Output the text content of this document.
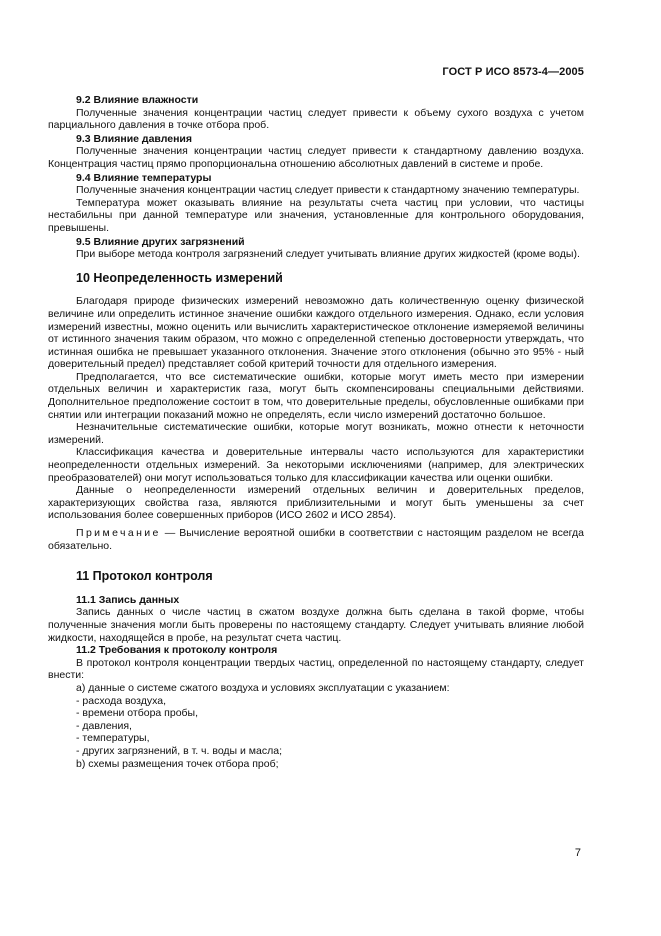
ГОСТ Р ИСО 8573-4—2005
9.2 Влияние влажности
Полученные значения концентрации частиц следует привести к объему сухого воздуха с учетом парциального давления в точке отбора проб.
9.3 Влияние давления
Полученные значения концентрации частиц следует привести к стандартному давлению воздуха. Концентрация частиц прямо пропорциональна отношению абсолютных давлений в системе и пробе.
9.4 Влияние температуры
Полученные значения концентрации частиц следует привести к стандартному значению температуры.
Температура может оказывать влияние на результаты счета частиц при условии, что частицы нестабильны при данной температуре или значения, установленные для контрольного оборудования, превышены.
9.5 Влияние других загрязнений
При выборе метода контроля загрязнений следует учитывать влияние других жидкостей (кроме воды).
10 Неопределенность измерений
Благодаря природе физических измерений невозможно дать количественную оценку физической величине или определить истинное значение ошибки каждого отдельного измерения. Однако, если условия измерений известны, можно оценить или вычислить характеристическое отклонение измеряемой величины от истинного значения таким образом, что можно с определенной степенью достоверности утверждать, что истинная ошибка не превышает указанного отклонения. Значение этого отклонения (обычно это 95% - ный доверительный предел) представляет собой критерий точности для отдельного измерения.
Предполагается, что все систематические ошибки, которые могут иметь место при измерении отдельных величин и характеристик газа, могут быть скомпенсированы специальными действиями. Дополнительное предположение состоит в том, что доверительные пределы, обусловленные ошибками при снятии или интеграции показаний можно не определять, если число измерений достаточно большое.
Незначительные систематические ошибки, которые могут возникать, можно отнести к неточности измерений.
Классификация качества и доверительные интервалы часто используются для характеристики неопределенности отдельных измерений. За некоторыми исключениями (например, для электрических преобразователей) они могут использоваться только для классификации качества или оценки ошибки.
Данные о неопределенности измерений отдельных величин и доверительных пределов, характеризующих свойства газа, являются приблизительными и могут быть уменьшены за счет использования более совершенных приборов (ИСО 2602 и ИСО 2854).
Примечание — Вычисление вероятной ошибки в соответствии с настоящим разделом не всегда обязательно.
11 Протокол контроля
11.1 Запись данных
Запись данных о числе частиц в сжатом воздухе должна быть сделана в такой форме, чтобы полученные значения могли быть проверены по настоящему стандарту. Следует учитывать влияние любой жидкости, находящейся в пробе, на результат счета частиц.
11.2 Требования к протоколу контроля
В протокол контроля концентрации твердых частиц, определенной по настоящему стандарту, следует внести:
а) данные о системе сжатого воздуха и условиях эксплуатации с указанием:
- расхода воздуха,
- времени отбора пробы,
- давления,
- температуры,
- других загрязнений, в т. ч. воды и масла;
b) схемы размещения точек отбора проб;
7
